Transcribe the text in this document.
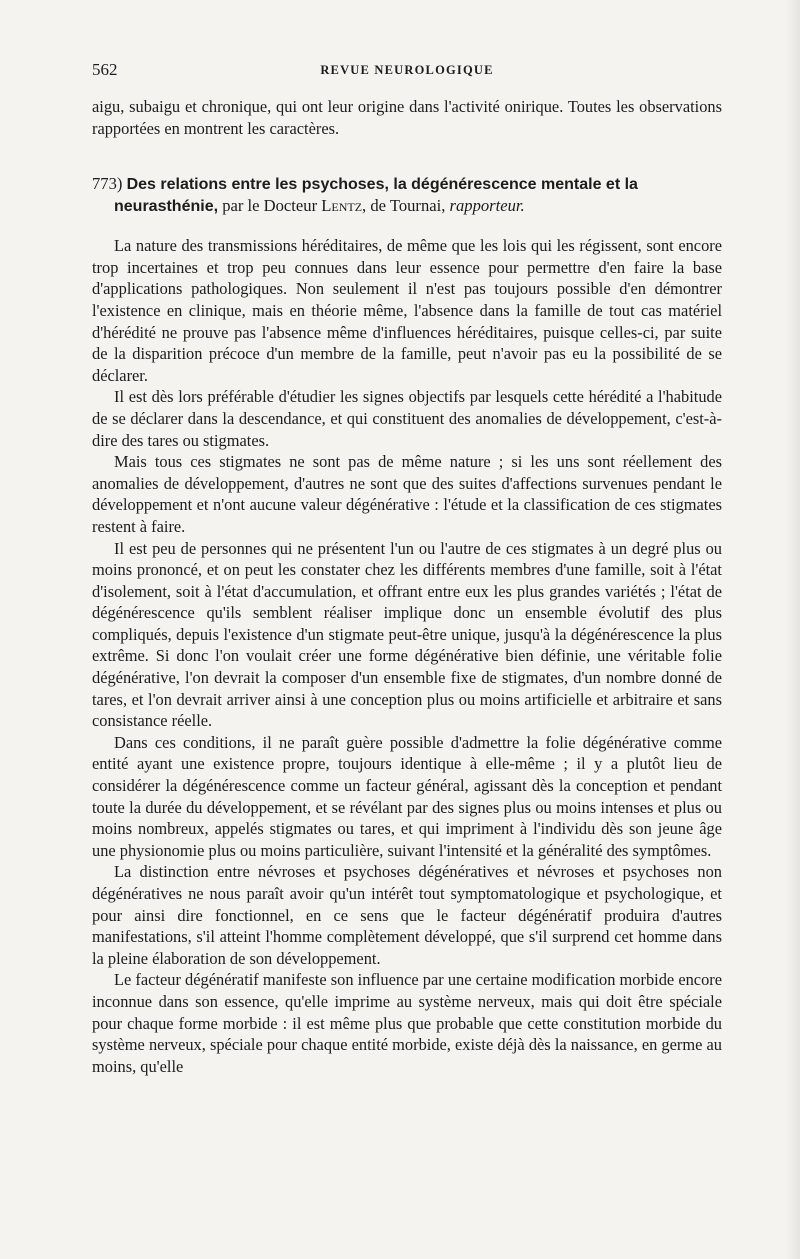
562	REVUE NEUROLOGIQUE

aigu, subaigu et chronique, qui ont leur origine dans l'activité onirique. Toutes les observations rapportées en montrent les caractères.

773) Des relations entre les psychoses, la dégénérescence mentale et la neurasthénie, par le Docteur Lentz, de Tournai, rapporteur.

La nature des transmissions héréditaires, de même que les lois qui les régissent, sont encore trop incertaines et trop peu connues dans leur essence pour permettre d'en faire la base d'applications pathologiques. Non seulement il n'est pas toujours possible d'en démontrer l'existence en clinique, mais en théorie même, l'absence dans la famille de tout cas matériel d'hérédité ne prouve pas l'absence même d'influences héréditaires, puisque celles-ci, par suite de la disparition précoce d'un membre de la famille, peut n'avoir pas eu la possibilité de se déclarer.

Il est dès lors préférable d'étudier les signes objectifs par lesquels cette hérédité a l'habitude de se déclarer dans la descendance, et qui constituent des anomalies de développement, c'est-à-dire des tares ou stigmates.

Mais tous ces stigmates ne sont pas de même nature ; si les uns sont réellement des anomalies de développement, d'autres ne sont que des suites d'affections survenues pendant le développement et n'ont aucune valeur dégénérative : l'étude et la classification de ces stigmates restent à faire.

Il est peu de personnes qui ne présentent l'un ou l'autre de ces stigmates à un degré plus ou moins prononcé, et on peut les constater chez les différents membres d'une famille, soit à l'état d'isolement, soit à l'état d'accumulation, et offrant entre eux les plus grandes variétés ; l'état de dégénérescence qu'ils semblent réaliser implique donc un ensemble évolutif des plus compliqués, depuis l'existence d'un stigmate peut-être unique, jusqu'à la dégénérescence la plus extrême. Si donc l'on voulait créer une forme dégénérative bien définie, une véritable folie dégénérative, l'on devrait la composer d'un ensemble fixe de stigmates, d'un nombre donné de tares, et l'on devrait arriver ainsi à une conception plus ou moins artificielle et arbitraire et sans consistance réelle.

Dans ces conditions, il ne paraît guère possible d'admettre la folie dégénérative comme entité ayant une existence propre, toujours identique à elle-même ; il y a plutôt lieu de considérer la dégénérescence comme un facteur général, agissant dès la conception et pendant toute la durée du développement, et se révélant par des signes plus ou moins intenses et plus ou moins nombreux, appelés stigmates ou tares, et qui impriment à l'individu dès son jeune âge une physionomie plus ou moins particulière, suivant l'intensité et la généralité des symptômes.

La distinction entre névroses et psychoses dégénératives et névroses et psychoses non dégénératives ne nous paraît avoir qu'un intérêt tout symptomatologique et psychologique, et pour ainsi dire fonctionnel, en ce sens que le facteur dégénératif produira d'autres manifestations, s'il atteint l'homme complètement développé, que s'il surprend cet homme dans la pleine élaboration de son développement.

Le facteur dégénératif manifeste son influence par une certaine modification morbide encore inconnue dans son essence, qu'elle imprime au système nerveux, mais qui doit être spéciale pour chaque forme morbide : il est même plus que probable que cette constitution morbide du système nerveux, spéciale pour chaque entité morbide, existe déjà dès la naissance, en germe au moins, qu'elle
